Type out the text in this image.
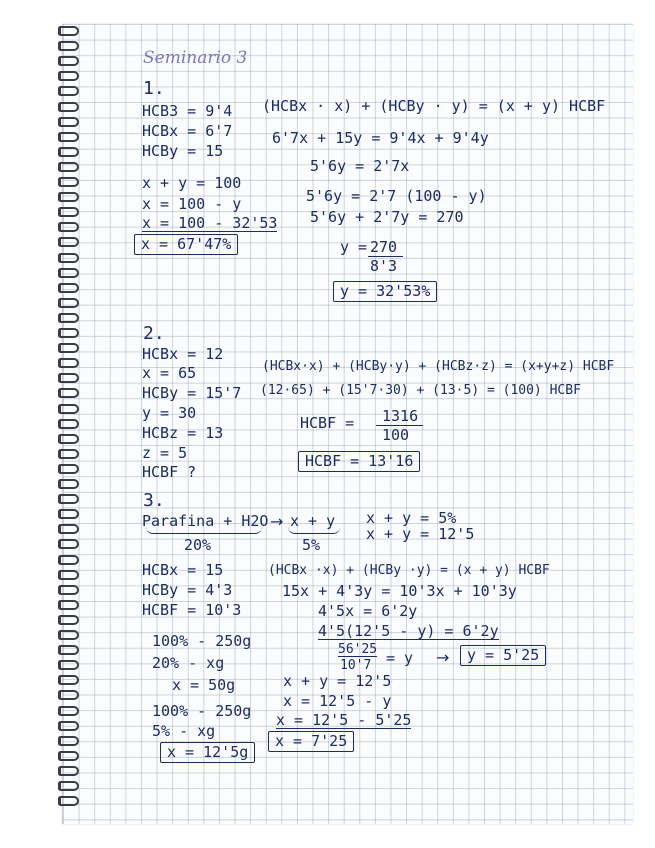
Seminario 3
1.
HCB3 = 9'4
HCBx = 6'7
HCBy = 15
x + y = 100
x = 100 - y
x = 100 - 32'53
x = 67'47%
(HCBx · x) + (HCBy · y) = (x + y) HCBF
6'7x + 15y = 9'4x + 9'4y
5'6y = 2'7x
5'6y = 2'7 (100 - y)
5'6y + 2'7y = 270
y = 270
8'3
y = 32'53%
2.
HCBx = 12
x = 65
HCBy = 15'7
y = 30
HCBz = 13
z = 5
HCBF ?
(HCBx·x) + (HCBy·y) + (HCBz·z) = (x+y+z) HCBF
(12·65) + (15'7·30) + (13·5) = (100) HCBF
HCBF = 1316
100
HCBF = 13'16
3.
Parafina + H2O
20%
→ x + y
5%
x + y = 5%
x + y = 12'5
HCBx = 15
HCBy = 4'3
HCBF = 10'3
(HCBx ·x) + (HCBy ·y) = (x + y) HCBF
15x + 4'3y = 10'3x + 10'3y
4'5x = 6'2y
4'5(12'5 - y) = 6'2y
56'25
10'7 = y →	y = 5'25
100% - 250g
20% - xg
x = 50g
100% - 250g
5% - xg
x = 12'5g
x + y = 12'5
x = 12'5 - y
x = 12'5 - 5'25
x = 7'25
